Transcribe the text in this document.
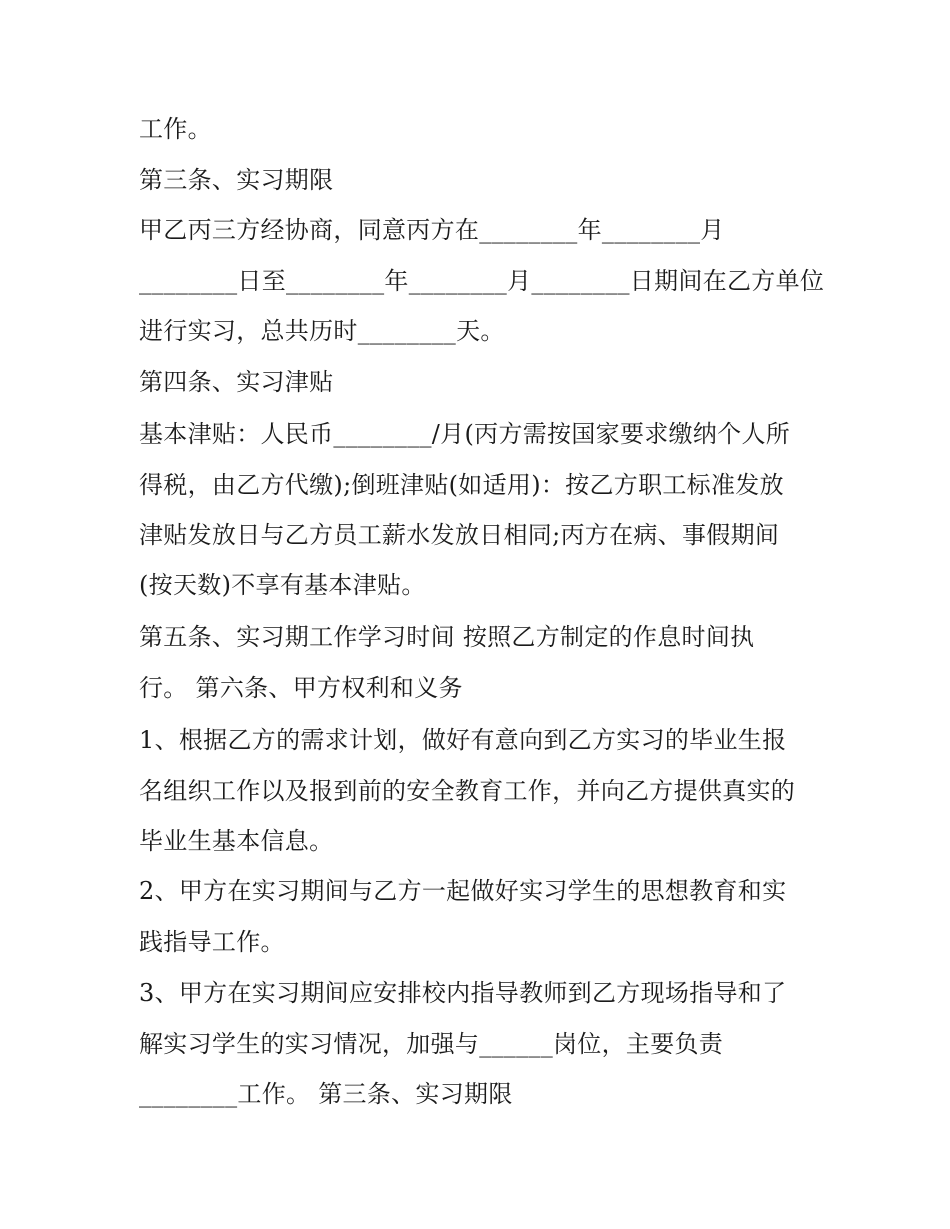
工作。
第三条、实习期限
甲乙丙三方经协商，同意丙方在________年________月
________日至________年________月________日期间在乙方单位
进行实习，总共历时________天。
第四条、实习津贴
基本津贴：人民币________/月(丙方需按国家要求缴纳个人所
得税，由乙方代缴);倒班津贴(如适用)：按乙方职工标准发放
津贴发放日与乙方员工薪水发放日相同;丙方在病、事假期间
(按天数)不享有基本津贴。
第五条、实习期工作学习时间 按照乙方制定的作息时间执
行。 第六条、甲方权利和义务
1、根据乙方的需求计划，做好有意向到乙方实习的毕业生报
名组织工作以及报到前的安全教育工作，并向乙方提供真实的
毕业生基本信息。
2、甲方在实习期间与乙方一起做好实习学生的思想教育和实
践指导工作。
3、甲方在实习期间应安排校内指导教师到乙方现场指导和了
解实习学生的实习情况，加强与______岗位，主要负责
________工作。 第三条、实习期限
